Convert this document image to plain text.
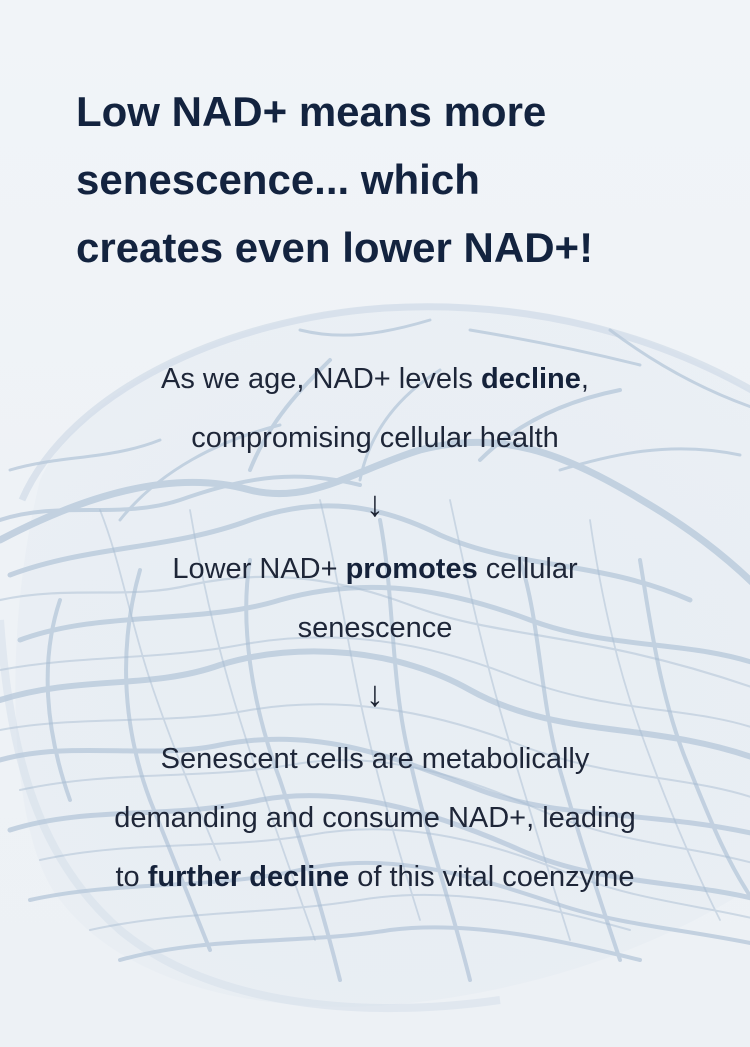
Low NAD+ means more
senescence... which
creates even lower NAD+!

As we age, NAD+ levels decline,
compromising cellular health

↓

Lower NAD+ promotes cellular
senescence

↓

Senescent cells are metabolically
demanding and consume NAD+, leading
to further decline of this vital coenzyme
